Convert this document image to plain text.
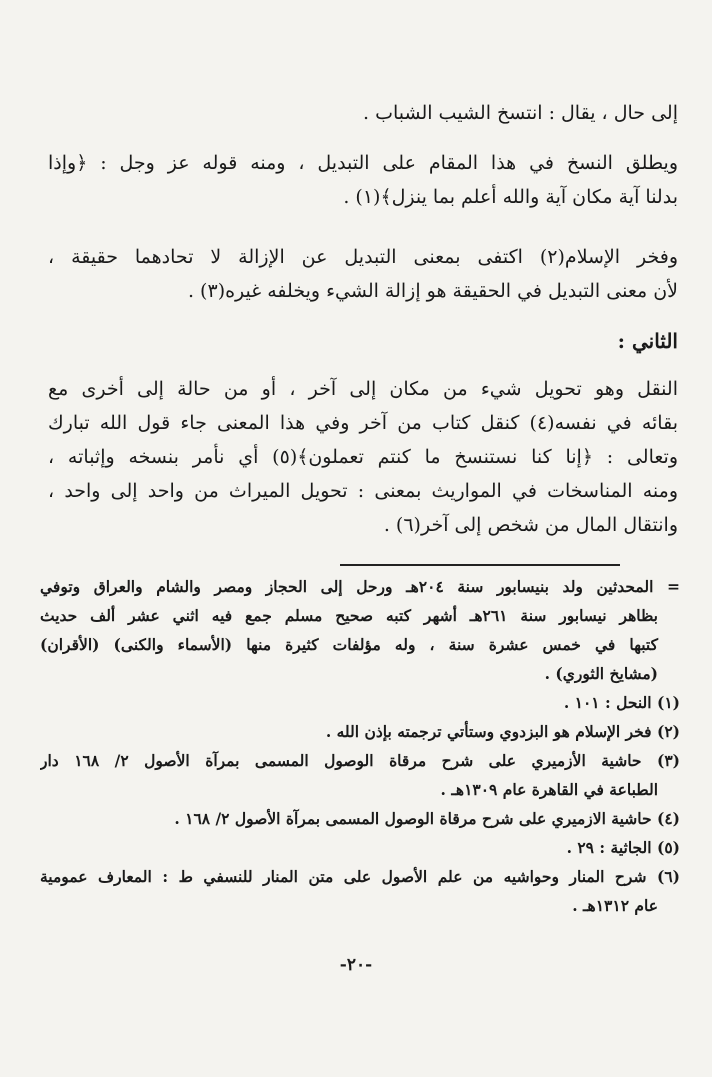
إلى حال ، يقال : انتسخ الشيب الشباب .
ويطلق النسخ في هذا المقام على التبديل ، ومنه قوله عز وجل : ﴿وإذا
بدلنا آية مكان آية والله أعلم بما ينزل﴾(١) .
وفخر الإسلام(٢) اكتفى بمعنى التبديل عن الإزالة لا تحادهما حقيقة ،
لأن معنى التبديل في الحقيقة هو إزالة الشيء ويخلفه غيره(٣) .
الثاني :
النقل وهو تحويل شيء من مكان إلى آخر ، أو من حالة إلى أخرى مع
بقائه في نفسه(٤) كنقل كتاب من آخر وفي هذا المعنى جاء قول الله تبارك
وتعالى : ﴿إنا كنا نستنسخ ما كنتم تعملون﴾(٥) أي نأمر بنسخه وإثباته ،
ومنه المناسخات في المواريث بمعنى : تحويل الميراث من واحد إلى واحد ،
وانتقال المال من شخص إلى آخر(٦) .
= المحدثين ولد بنيسابور سنة ٢٠٤هـ ورحل إلى الحجاز ومصر والشام والعراق وتوفي
بظاهر نيسابور سنة ٢٦١هـ أشهر كتبه صحيح مسلم جمع فيه اثني عشر ألف حديث
كتبها في خمس عشرة سنة ، وله مؤلفات كثيرة منها (الأسماء والكنى) (الأقران)
(مشايخ الثوري) .
(١) النحل : ١٠١ .
(٢) فخر الإسلام هو البزدوي وستأتي ترجمته بإذن الله .
(٣) حاشية الأزميري على شرح مرقاة الوصول المسمى بمرآة الأصول ٢/ ١٦٨ دار
الطباعة في القاهرة عام ١٣٠٩هـ .
(٤) حاشية الازميري على شرح مرقاة الوصول المسمى بمرآة الأصول ٢/ ١٦٨ .
(٥) الجاثية : ٢٩ .
(٦) شرح المنار وحواشيه من علم الأصول على متن المنار للنسفي ط : المعارف عمومية
عام ١٣١٢هـ .
-٢٠-
